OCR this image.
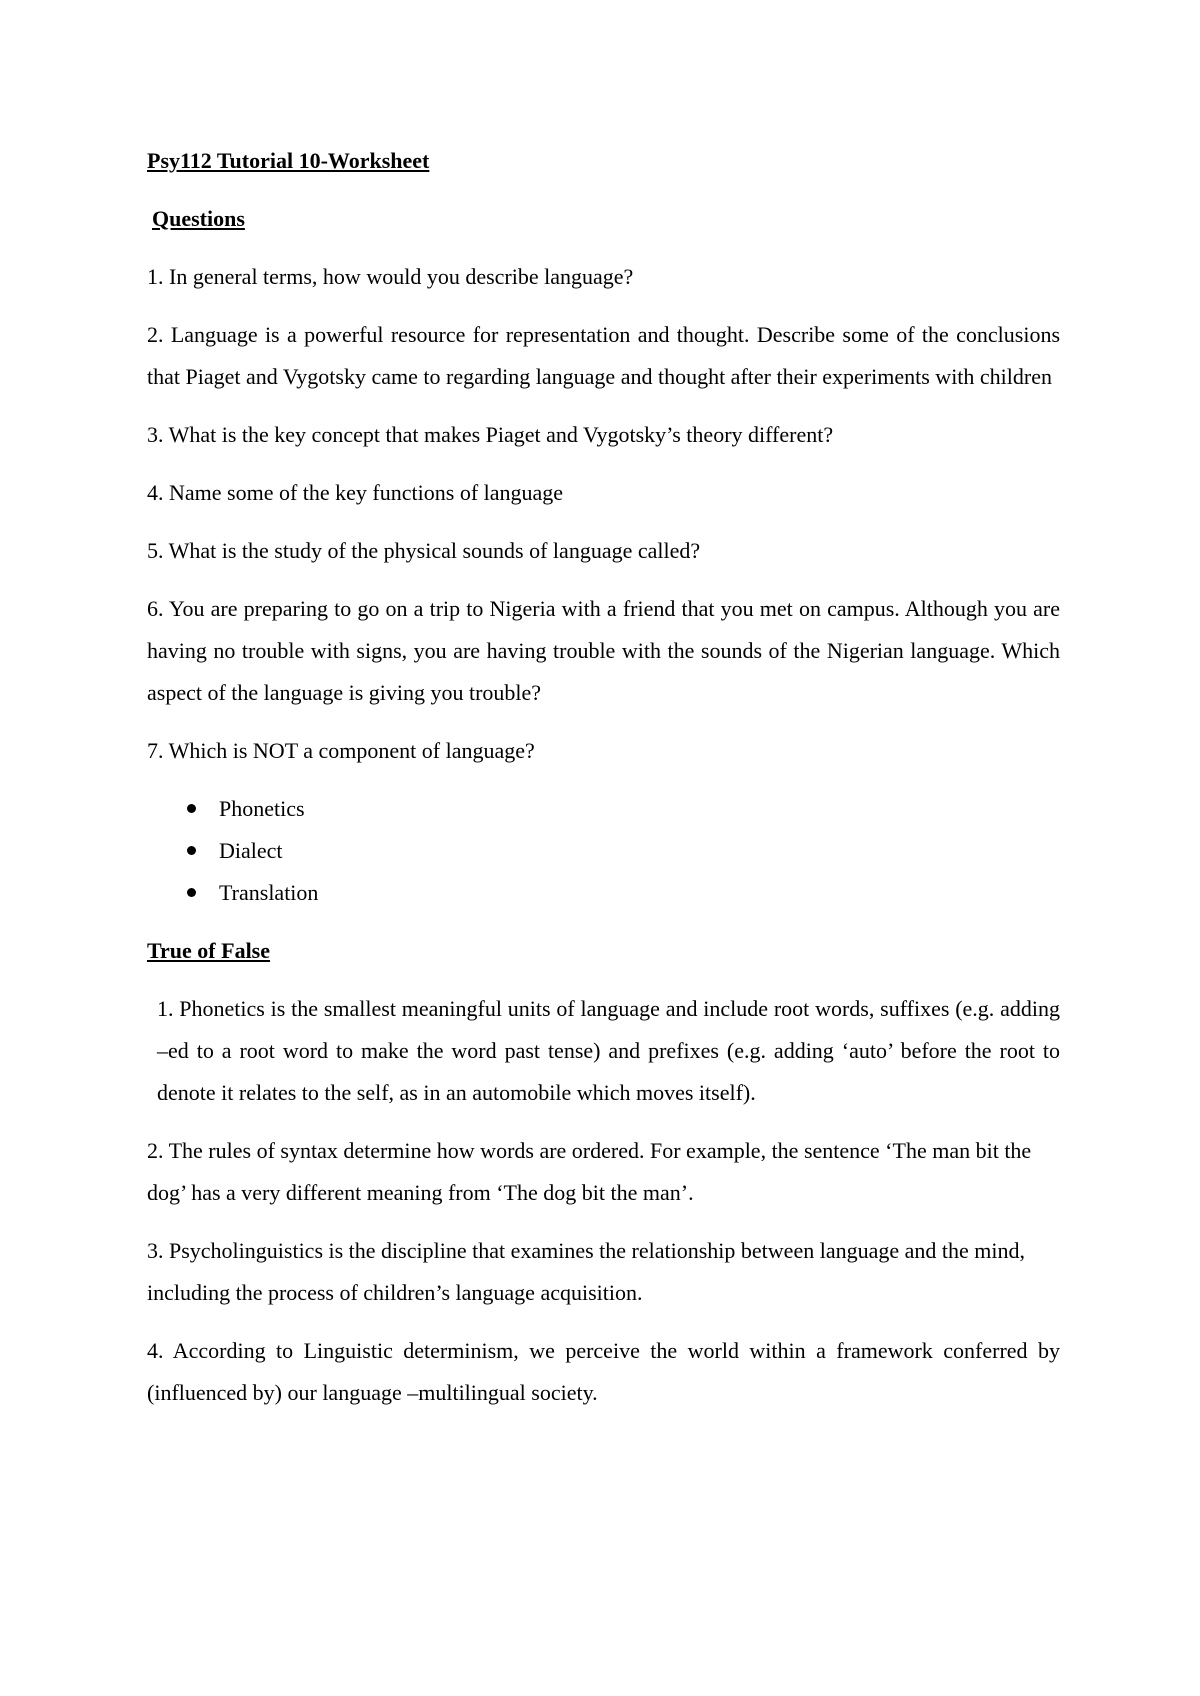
Psy112 Tutorial 10-Worksheet
Questions

1. In general terms, how would you describe language?

2. Language is a powerful resource for representation and thought. Describe some of the conclusions that Piaget and Vygotsky came to regarding language and thought after their experiments with children

3. What is the key concept that makes Piaget and Vygotsky’s theory different?

4. Name some of the key functions of language

5. What is the study of the physical sounds of language called?

6. You are preparing to go on a trip to Nigeria with a friend that you met on campus. Although you are having no trouble with signs, you are having trouble with the sounds of the Nigerian language. Which aspect of the language is giving you trouble?

7. Which is NOT a component of language?

Phonetics
Dialect
Translation
True of False

1. Phonetics is the smallest meaningful units of language and include root words, suffixes (e.g. adding –ed to a root word to make the word past tense) and prefixes (e.g. adding ‘auto’ before the root to denote it relates to the self, as in an automobile which moves itself).

2. The rules of syntax determine how words are ordered. For example, the sentence ‘The man bit the dog’ has a very different meaning from ‘The dog bit the man’.

3. Psycholinguistics is the discipline that examines the relationship between language and the mind, including the process of children’s language acquisition.

4. According to Linguistic determinism, we perceive the world within a framework conferred by (influenced by) our language –multilingual society.
